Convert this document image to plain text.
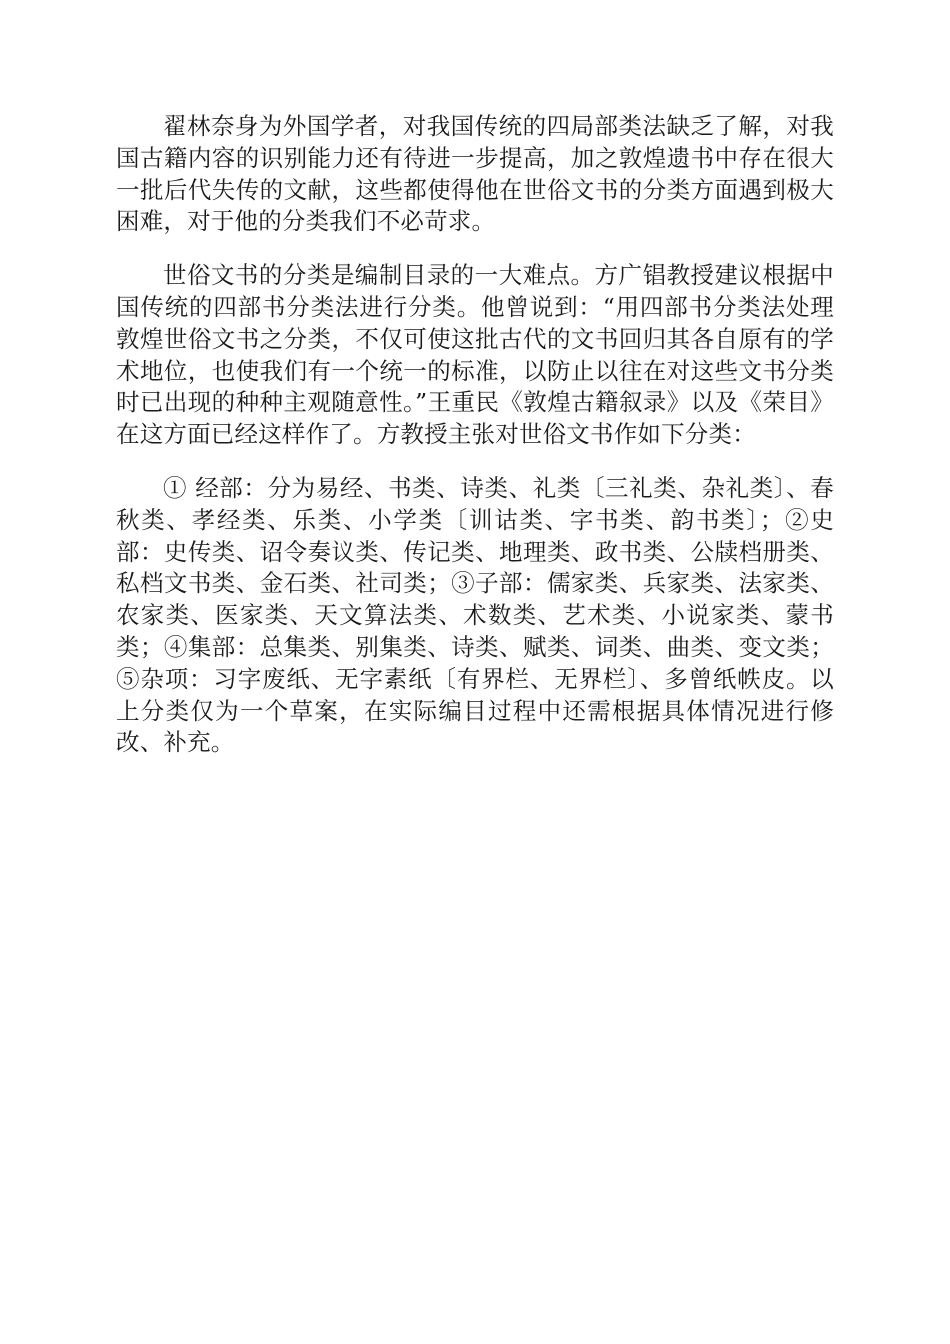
翟林奈身为外国学者，对我国传统的四局部类法缺乏了解，对我国古籍内容的识别能力还有待进一步提高，加之敦煌遗书中存在很大一批后代失传的文献，这些都使得他在世俗文书的分类方面遇到极大困难，对于他的分类我们不必苛求。

世俗文书的分类是编制目录的一大难点。方广锠教授建议根据中国传统的四部书分类法进行分类。他曾说到：“用四部书分类法处理敦煌世俗文书之分类，不仅可使这批古代的文书回归其各自原有的学术地位，也使我们有一个统一的标准，以防止以往在对这些文书分类时已出现的种种主观随意性。”王重民《敦煌古籍叙录》以及《荣目》在这方面已经这样作了。方教授主张对世俗文书作如下分类：

① 经部：分为易经、书类、诗类、礼类〔三礼类、杂礼类〕、春秋类、孝经类、乐类、小学类〔训诂类、字书类、韵书类〕；②史部：史传类、诏令奏议类、传记类、地理类、政书类、公牍档册类、私档文书类、金石类、社司类；③子部：儒家类、兵家类、法家类、农家类、医家类、天文算法类、术数类、艺术类、小说家类、蒙书类；④集部：总集类、别集类、诗类、赋类、词类、曲类、变文类；⑤杂项：习字废纸、无字素纸〔有界栏、无界栏〕、多曾纸帙皮。以上分类仅为一个草案，在实际编目过程中还需根据具体情况进行修改、补充。
